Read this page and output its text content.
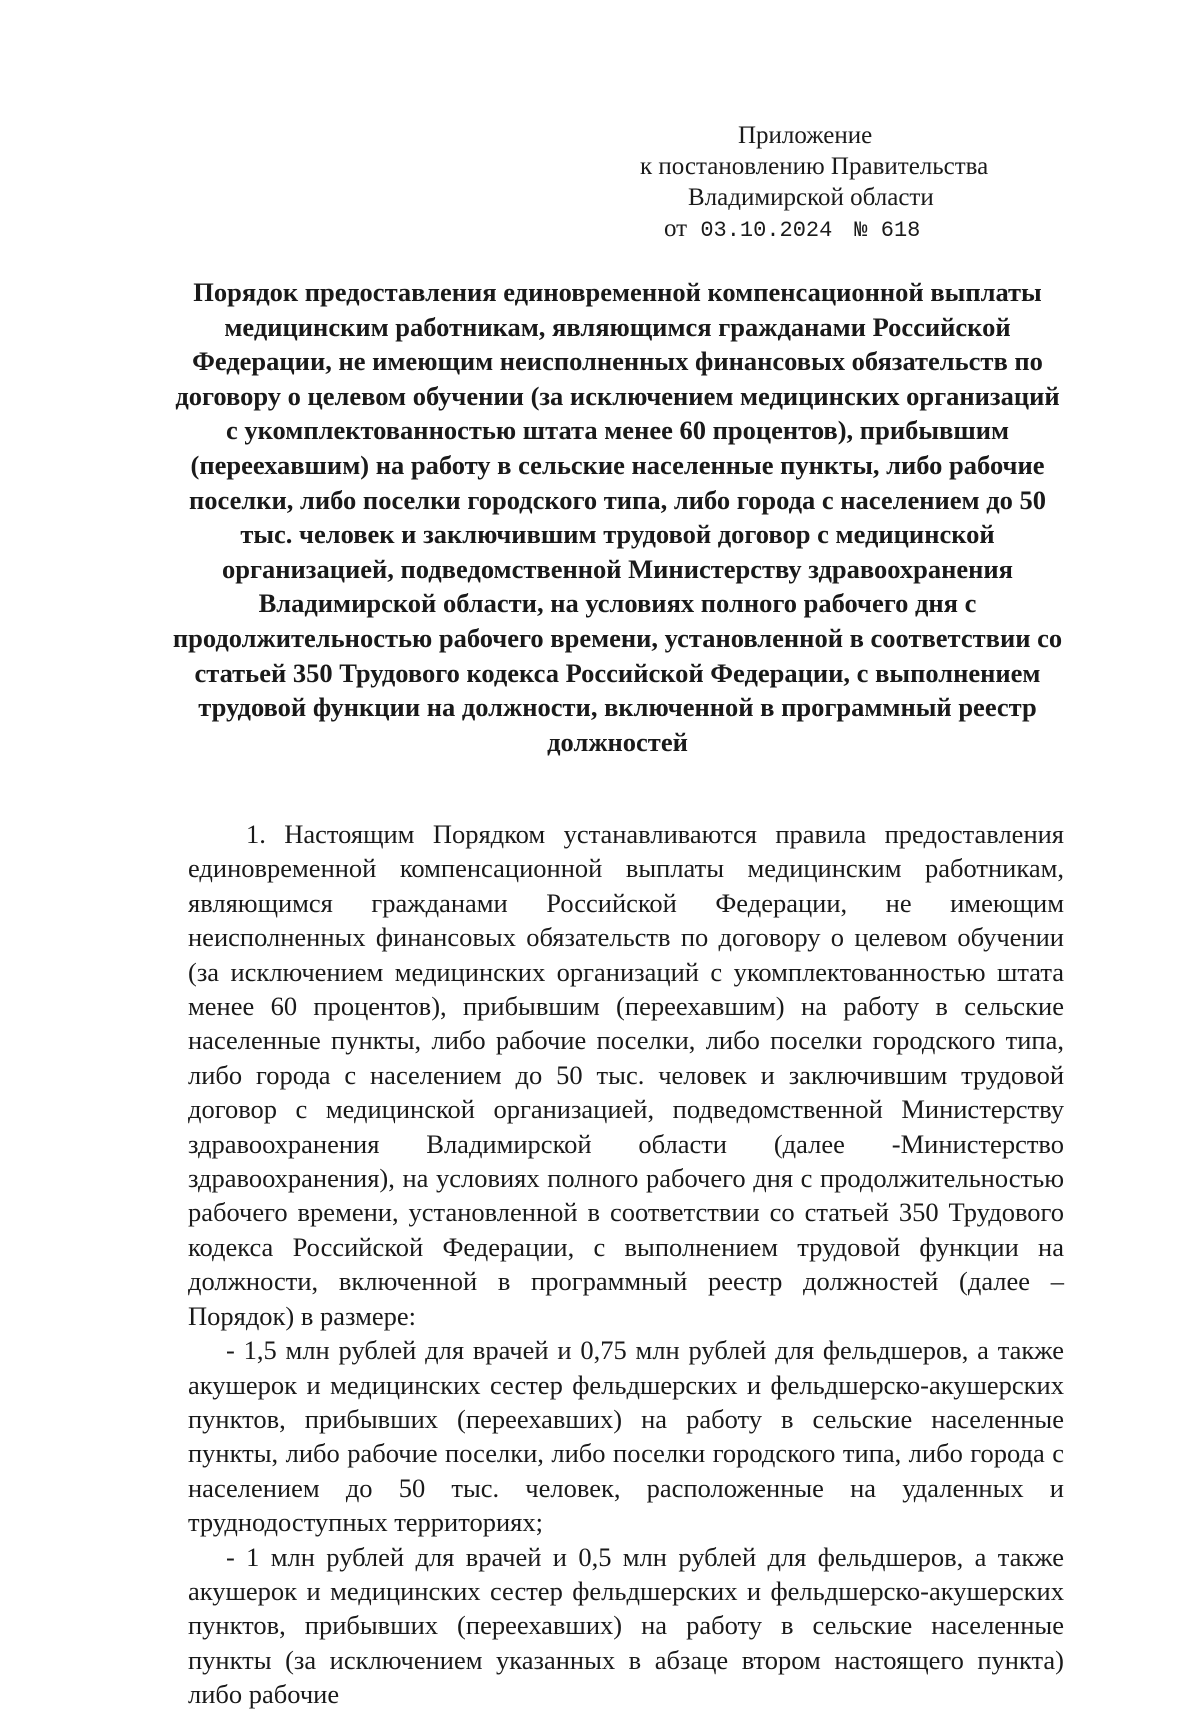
Приложение
к постановлению Правительства
Владимирской области
от 03.10.2024 № 618
Порядок предоставления единовременной компенсационной выплаты медицинским работникам, являющимся гражданами Российской Федерации, не имеющим неисполненных финансовых обязательств по договору о целевом обучении (за исключением медицинских организаций с укомплектованностью штата менее 60 процентов), прибывшим (переехавшим) на работу в сельские населенные пункты, либо рабочие поселки, либо поселки городского типа, либо города с населением до 50 тыс. человек и заключившим трудовой договор с медицинской организацией, подведомственной Министерству здравоохранения Владимирской области, на условиях полного рабочего дня с продолжительностью рабочего времени, установленной в соответствии со статьей 350 Трудового кодекса Российской Федерации, с выполнением трудовой функции на должности, включенной в программный реестр должностей

1. Настоящим Порядком устанавливаются правила предоставления единовременной компенсационной выплаты медицинским работникам, являющимся гражданами Российской Федерации, не имеющим неисполненных финансовых обязательств по договору о целевом обучении (за исключением медицинских организаций с укомплектованностью штата менее 60 процентов), прибывшим (переехавшим) на работу в сельские населенные пункты, либо рабочие поселки, либо поселки городского типа, либо города с населением до 50 тыс. человек и заключившим трудовой договор с медицинской организацией, подведомственной Министерству здравоохранения Владимирской области (далее -Министерство здравоохранения), на условиях полного рабочего дня с продолжительностью рабочего времени, установленной в соответствии со статьей 350 Трудового кодекса Российской Федерации, с выполнением трудовой функции на должности, включенной в программный реестр должностей (далее – Порядок) в размере:

- 1,5 млн рублей для врачей и 0,75 млн рублей для фельдшеров, а также акушерок и медицинских сестер фельдшерских и фельдшерско-акушерских пунктов, прибывших (переехавших) на работу в сельские населенные пункты, либо рабочие поселки, либо поселки городского типа, либо города с населением до 50 тыс. человек, расположенные на удаленных и труднодоступных территориях;

- 1 млн рублей для врачей и 0,5 млн рублей для фельдшеров, а также акушерок и медицинских сестер фельдшерских и фельдшерско-акушерских пунктов, прибывших (переехавших) на работу в сельские населенные пункты (за исключением указанных в абзаце втором настоящего пункта) либо рабочие
